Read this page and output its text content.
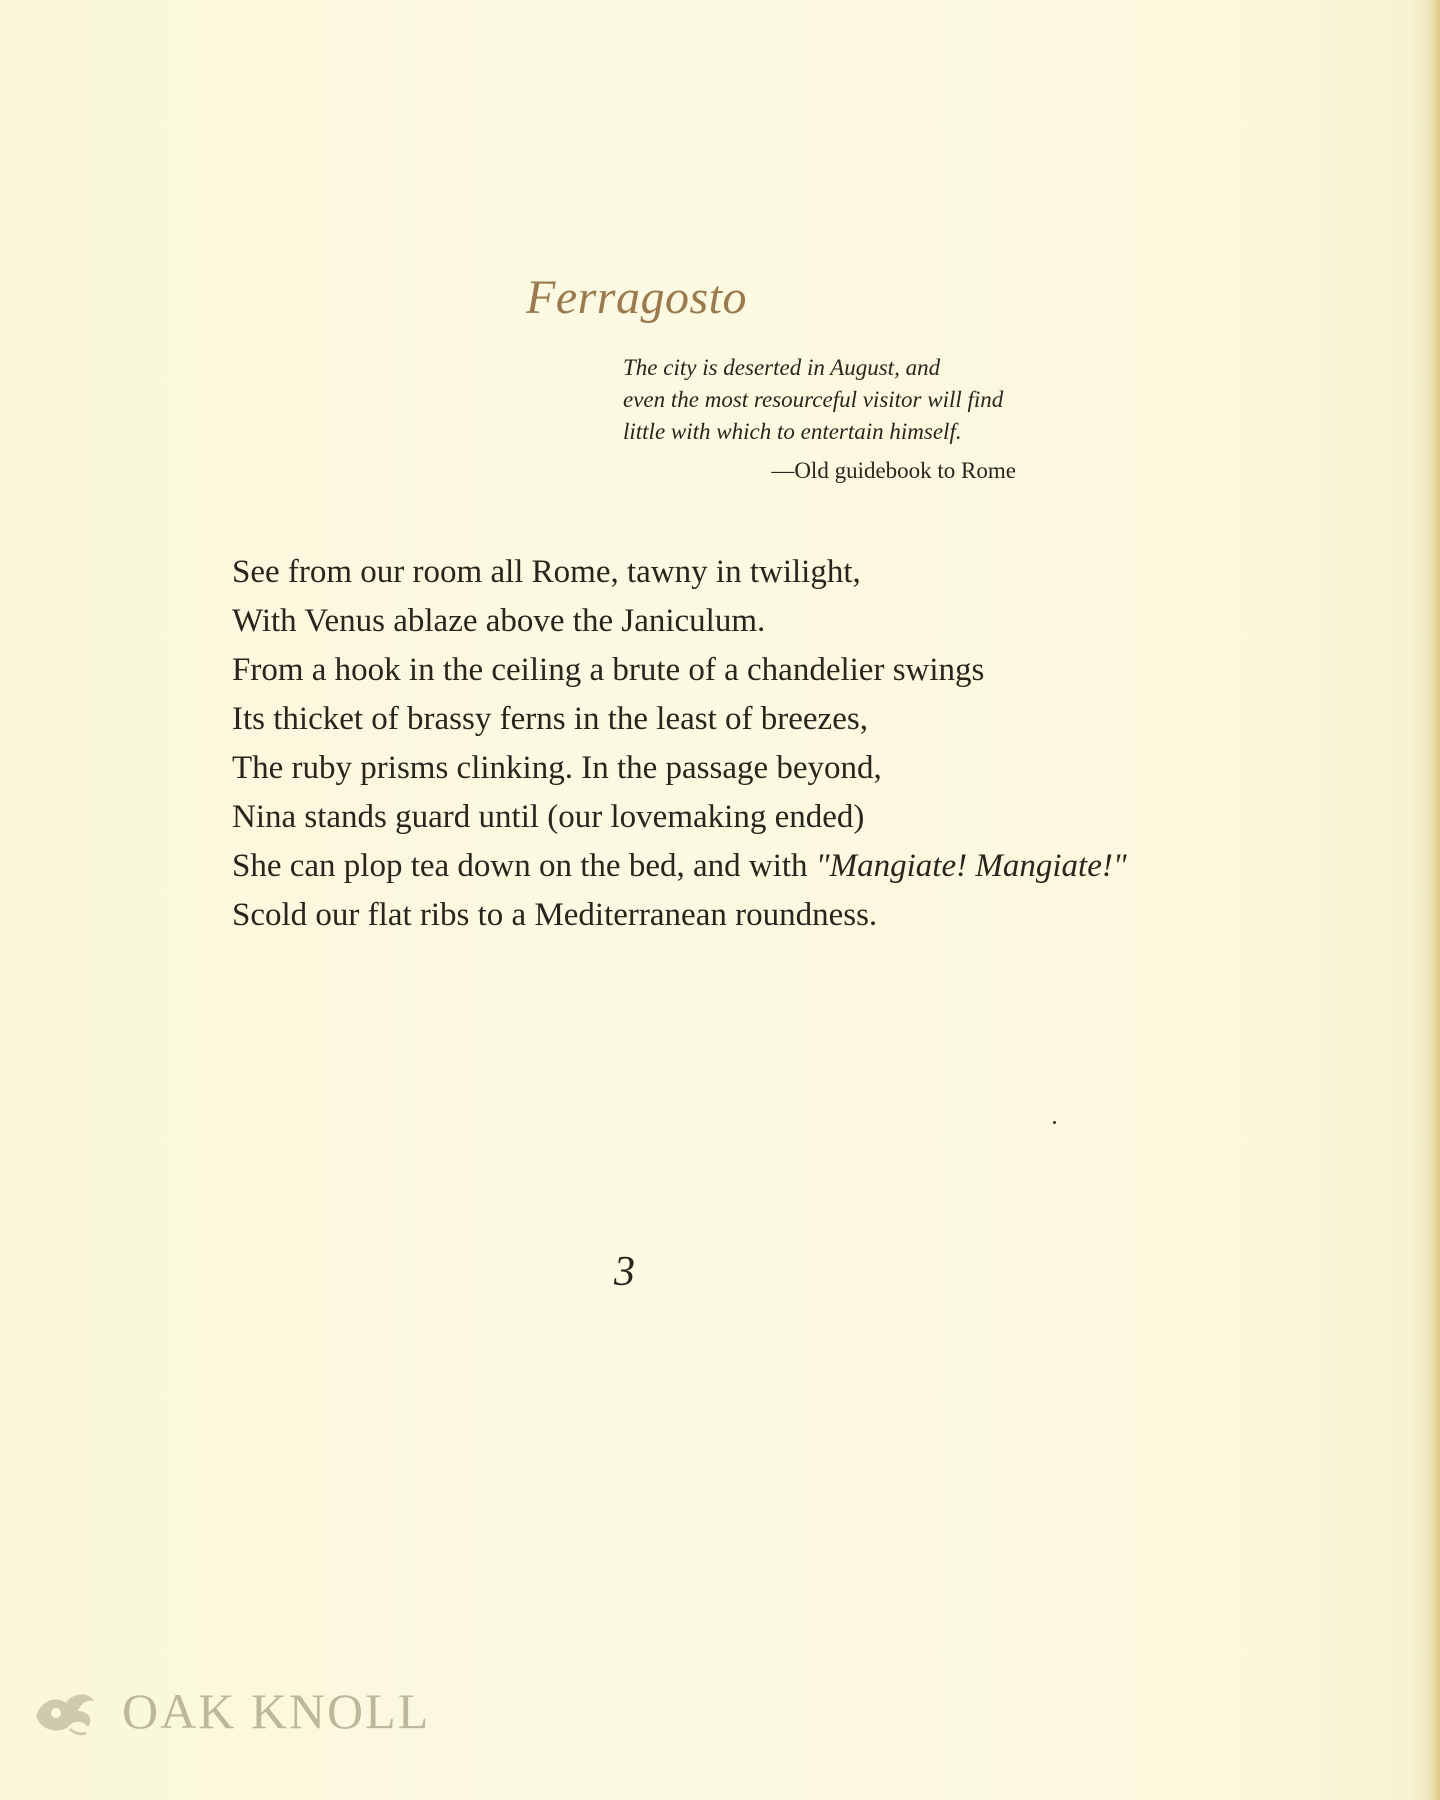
Ferragosto
The city is deserted in August, and
even the most resourceful visitor will find
little with which to entertain himself.
—Old guidebook to Rome
See from our room all Rome, tawny in twilight,
With Venus ablaze above the Janiculum.
From a hook in the ceiling a brute of a chandelier swings
Its thicket of brassy ferns in the least of breezes,
The ruby prisms clinking. In the passage beyond,
Nina stands guard until (our lovemaking ended)
She can plop tea down on the bed, and with "Mangiate! Mangiate!"
Scold our flat ribs to a Mediterranean roundness.
3
OAK KNOLL
